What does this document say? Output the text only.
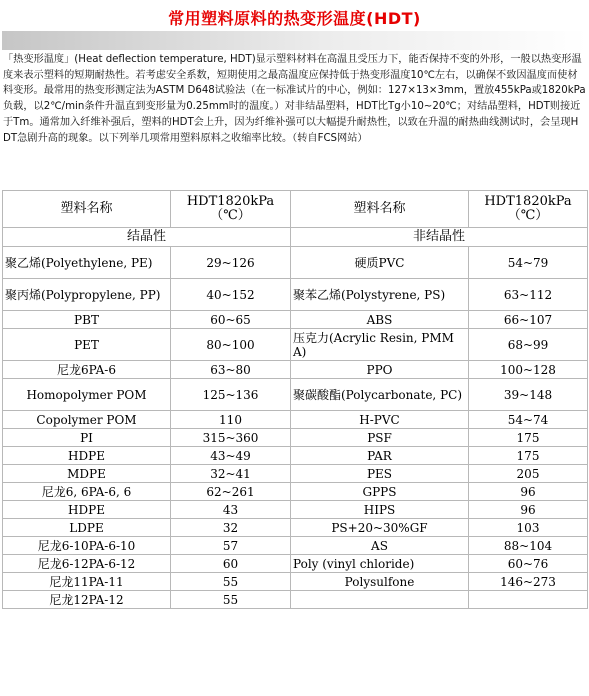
常用塑料原料的热变形温度(HDT)
「热变形温度」(Heat deflection temperature, HDT)显示塑料材料在高温且受压力下，能否保持不变的外形，一般以热变形温度来表示塑料的短期耐热性。若考虑安全系数，短期使用之最高温度应保持低于热变形温度10℃左右，以确保不致因温度而使材料变形。最常用的热变形测定法为ASTM D648试验法（在一标准试片的中心，例如：127×13×3mm，置放455kPa或1820kPa负载，以2℃/min条件升温直到变形量为0.25mm时的温度。）对非结晶塑料，HDT比Tg小10~20℃；对结晶塑料，HDT则接近于Tm。通常加入纤维补强后，塑料的HDT会上升，因为纤维补强可以大幅提升耐热性，以致在升温的耐热曲线测试时，会呈现HDT急剧升高的现象。以下列举几项常用塑料原料之收缩率比较。（转自FCS网站）
塑料名称	HDT1820kPa（℃）	塑料名称	HDT1820kPa（℃）
结晶性		非结晶性	
聚乙烯(Polyethylene, PE)	29~126	硬质PVC	54~79
聚丙烯(Polypropylene, PP)	40~152	聚苯乙烯(Polystyrene, PS)	63~112
PBT	60~65	ABS	66~107
PET	80~100	压克力(Acrylic Resin, PMMA)	68~99
尼龙6PA-6	63~80	PPO	100~128
Homopolymer POM	125~136	聚碳酸酯(Polycarbonate, PC)	39~148
Copolymer POM	110	H-PVC	54~74
PI	315~360	PSF	175
HDPE	43~49	PAR	175
MDPE	32~41	PES	205
尼龙6, 6PA-6, 6	62~261	GPPS	96
HDPE	43	HIPS	96
LDPE	32	PS+20~30%GF	103
尼龙6-10PA-6-10	57	AS	88~104
尼龙6-12PA-6-12	60	Poly (vinyl chloride)	60~76
尼龙11PA-11	55	Polysulfone	146~273
尼龙12PA-12	55		
